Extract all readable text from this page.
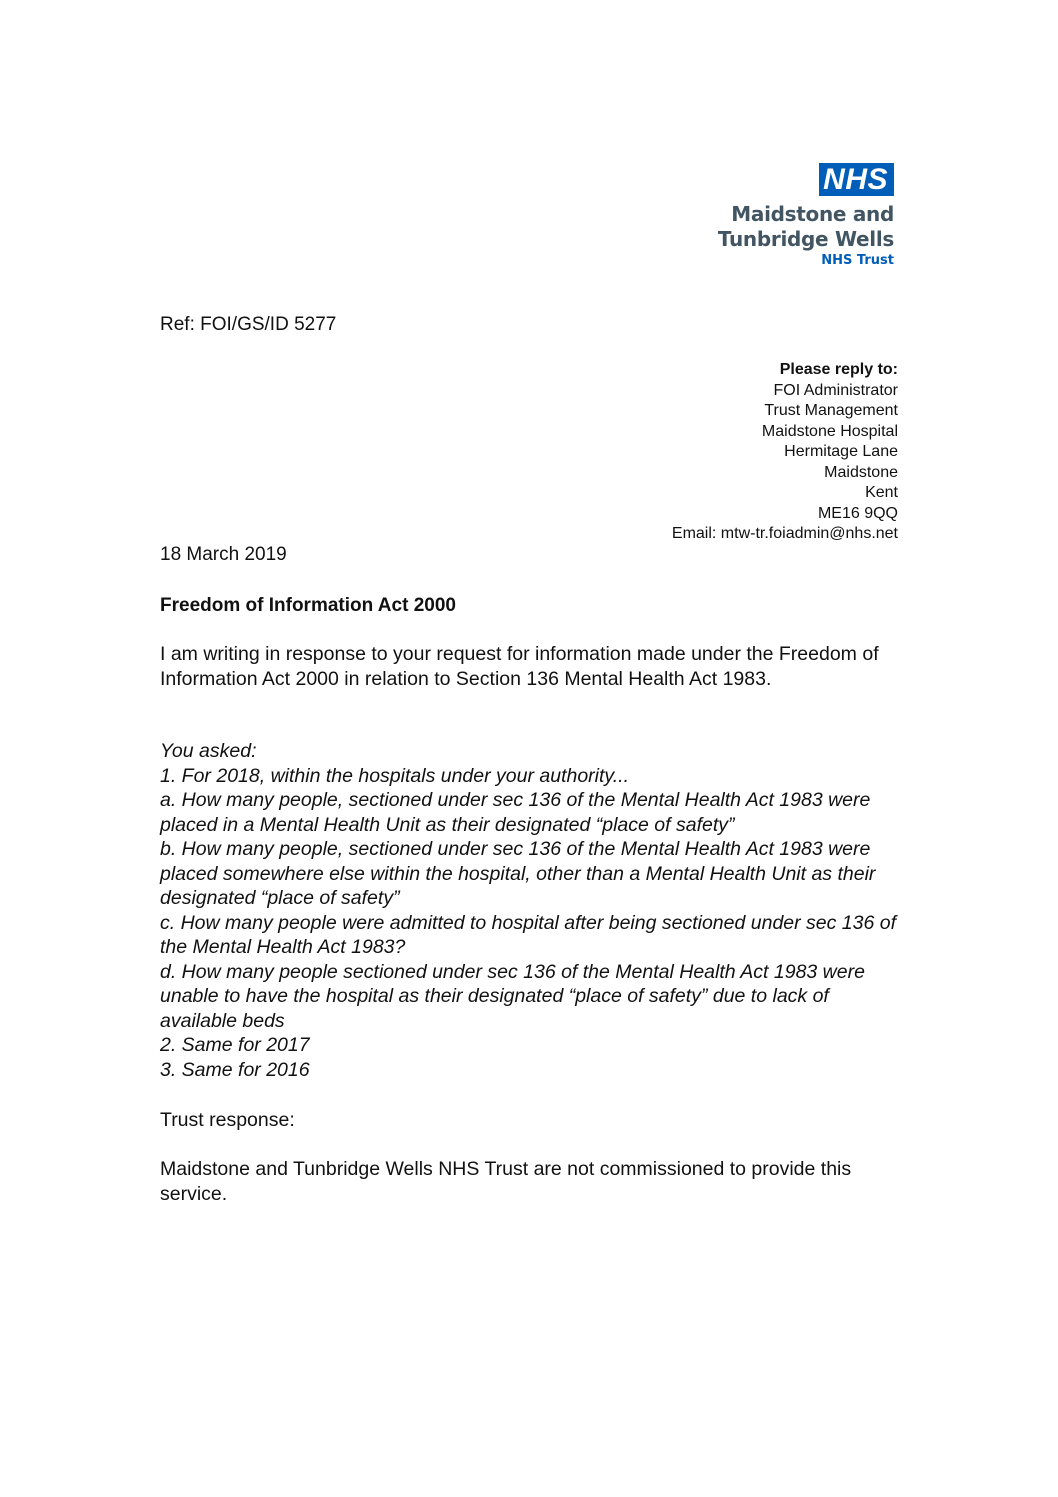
NHS
Maidstone and
Tunbridge Wells
NHS Trust
Ref: FOI/GS/ID 5277
Please reply to:
FOI Administrator
Trust Management
Maidstone Hospital
Hermitage Lane
Maidstone
Kent
ME16 9QQ
Email: mtw-tr.foiadmin@nhs.net
18 March 2019
Freedom of Information Act 2000
I am writing in response to your request for information made under the Freedom of Information Act 2000 in relation to Section 136 Mental Health Act 1983.
You asked:
1. For 2018, within the hospitals under your authority...
a. How many people, sectioned under sec 136 of the Mental Health Act 1983 were placed in a Mental Health Unit as their designated “place of safety”
b. How many people, sectioned under sec 136 of the Mental Health Act 1983 were placed somewhere else within the hospital, other than a Mental Health Unit as their designated “place of safety”
c. How many people were admitted to hospital after being sectioned under sec 136 of the Mental Health Act 1983?
d. How many people sectioned under sec 136 of the Mental Health Act 1983 were unable to have the hospital as their designated “place of safety” due to lack of available beds
2. Same for 2017
3. Same for 2016
Trust response:
Maidstone and Tunbridge Wells NHS Trust are not commissioned to provide this service.
